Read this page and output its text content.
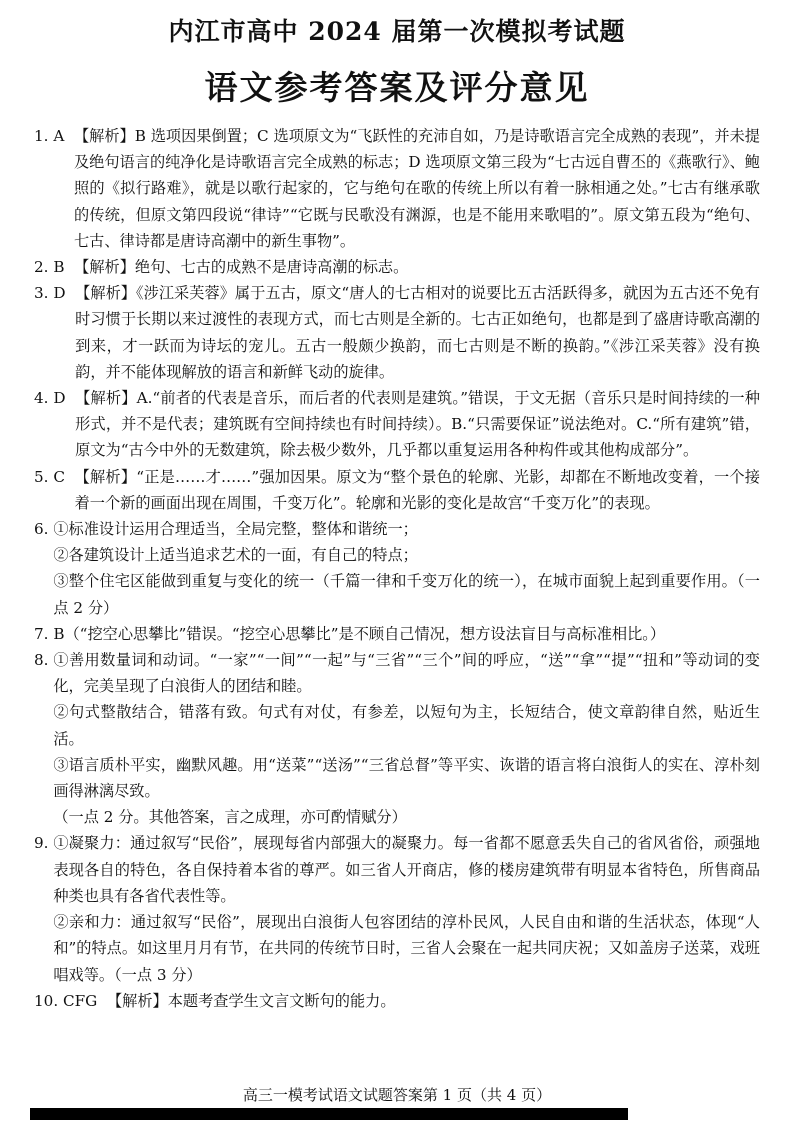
内江市高中 2024 届第一次模拟考试题
语文参考答案及评分意见
1. A 【解析】B 选项因果倒置；C 选项原文为“飞跃性的充沛自如，乃是诗歌语言完全成熟的表现”，并未提及绝句语言的纯净化是诗歌语言完全成熟的标志；D 选项原文第三段为“七古远自曹丕的《燕歌行》、鲍照的《拟行路难》，就是以歌行起家的，它与绝句在歌的传统上所以有着一脉相通之处。”七古有继承歌的传统，但原文第四段说“律诗”“它既与民歌没有渊源，也是不能用来歌唱的”。原文第五段为“绝句、七古、律诗都是唐诗高潮中的新生事物”。
2. B 【解析】绝句、七古的成熟不是唐诗高潮的标志。
3. D 【解析】《涉江采芙蓉》属于五古，原文“唐人的七古相对的说要比五古活跃得多，就因为五古还不免有时习惯于长期以来过渡性的表现方式，而七古则是全新的。七古正如绝句，也都是到了盛唐诗歌高潮的到来，才一跃而为诗坛的宠儿。五古一般颇少换韵，而七古则是不断的换韵。”《涉江采芙蓉》没有换韵，并不能体现解放的语言和新鲜飞动的旋律。
4. D 【解析】A.“前者的代表是音乐，而后者的代表则是建筑。”错误，于文无据（音乐只是时间持续的一种形式，并不是代表；建筑既有空间持续也有时间持续）。B.“只需要保证”说法绝对。C.“所有建筑”错，原文为“古今中外的无数建筑，除去极少数外，几乎都以重复运用各种构件或其他构成部分”。
5. C 【解析】“正是……才……”强加因果。原文为“整个景色的轮廓、光影，却都在不断地改变着，一个接着一个新的画面出现在周围，千变万化”。轮廓和光影的变化是故宫“千变万化”的表现。
6. ①标准设计运用合理适当，全局完整，整体和谐统一；
②各建筑设计上适当追求艺术的一面，有自己的特点；
③整个住宅区能做到重复与变化的统一（千篇一律和千变万化的统一），在城市面貌上起到重要作用。（一点 2 分）
7. B（“挖空心思攀比”错误。“挖空心思攀比”是不顾自己情况，想方设法盲目与高标准相比。）
8. ①善用数量词和动词。“一家”“一间”“一起”与“三省”“三个”间的呼应，“送”“拿”“提”“扭和”等动词的变化，完美呈现了白浪街人的团结和睦。
②句式整散结合，错落有致。句式有对仗，有参差，以短句为主，长短结合，使文章韵律自然，贴近生活。
③语言质朴平实，幽默风趣。用“送菜”“送汤”“三省总督”等平实、诙谐的语言将白浪街人的实在、淳朴刻画得淋漓尽致。
（一点 2 分。其他答案，言之成理，亦可酌情赋分）
9. ①凝聚力：通过叙写“民俗”，展现每省内部强大的凝聚力。每一省都不愿意丢失自己的省风省俗，顽强地表现各自的特色，各自保持着本省的尊严。如三省人开商店，修的楼房建筑带有明显本省特色，所售商品种类也具有各省代表性等。
②亲和力：通过叙写“民俗”，展现出白浪街人包容团结的淳朴民风，人民自由和谐的生活状态，体现“人和”的特点。如这里月月有节，在共同的传统节日时，三省人会聚在一起共同庆祝；又如盖房子送菜，戏班唱戏等。（一点 3 分）
10. CFG 【解析】本题考查学生文言文断句的能力。
高三一模考试语文试题答案第 1 页（共 4 页）
